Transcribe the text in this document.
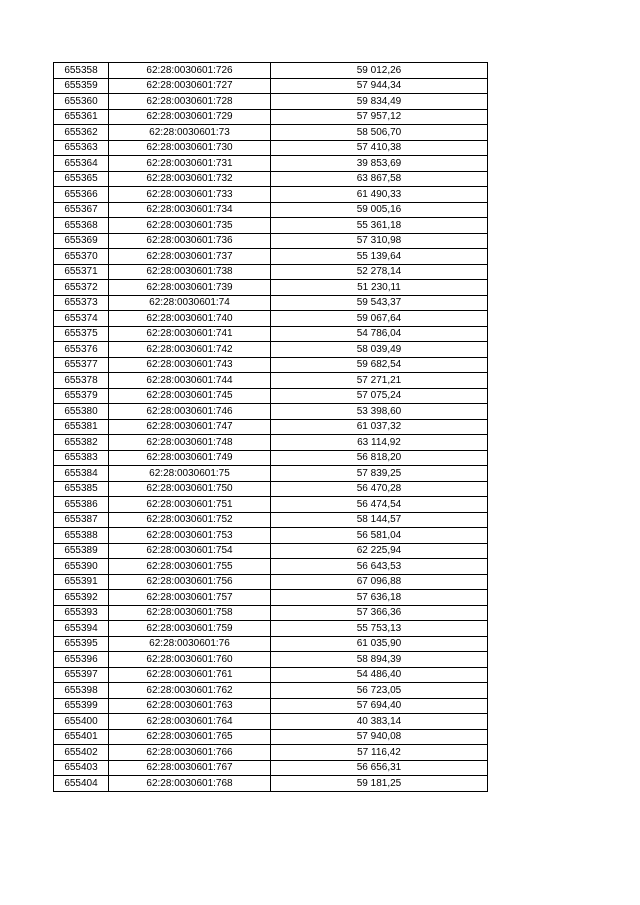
655358	62:28:0030601:726	59 012,26
655359	62:28:0030601:727	57 944,34
655360	62:28:0030601:728	59 834,49
655361	62:28:0030601:729	57 957,12
655362	62:28:0030601:73	58 506,70
655363	62:28:0030601:730	57 410,38
655364	62:28:0030601:731	39 853,69
655365	62:28:0030601:732	63 867,58
655366	62:28:0030601:733	61 490,33
655367	62:28:0030601:734	59 005,16
655368	62:28:0030601:735	55 361,18
655369	62:28:0030601:736	57 310,98
655370	62:28:0030601:737	55 139,64
655371	62:28:0030601:738	52 278,14
655372	62:28:0030601:739	51 230,11
655373	62:28:0030601:74	59 543,37
655374	62:28:0030601:740	59 067,64
655375	62:28:0030601:741	54 786,04
655376	62:28:0030601:742	58 039,49
655377	62:28:0030601:743	59 682,54
655378	62:28:0030601:744	57 271,21
655379	62:28:0030601:745	57 075,24
655380	62:28:0030601:746	53 398,60
655381	62:28:0030601:747	61 037,32
655382	62:28:0030601:748	63 114,92
655383	62:28:0030601:749	56 818,20
655384	62:28:0030601:75	57 839,25
655385	62:28:0030601:750	56 470,28
655386	62:28:0030601:751	56 474,54
655387	62:28:0030601:752	58 144,57
655388	62:28:0030601:753	56 581,04
655389	62:28:0030601:754	62 225,94
655390	62:28:0030601:755	56 643,53
655391	62:28:0030601:756	67 096,88
655392	62:28:0030601:757	57 636,18
655393	62:28:0030601:758	57 366,36
655394	62:28:0030601:759	55 753,13
655395	62:28:0030601:76	61 035,90
655396	62:28:0030601:760	58 894,39
655397	62:28:0030601:761	54 486,40
655398	62:28:0030601:762	56 723,05
655399	62:28:0030601:763	57 694,40
655400	62:28:0030601:764	40 383,14
655401	62:28:0030601:765	57 940,08
655402	62:28:0030601:766	57 116,42
655403	62:28:0030601:767	56 656,31
655404	62:28:0030601:768	59 181,25
